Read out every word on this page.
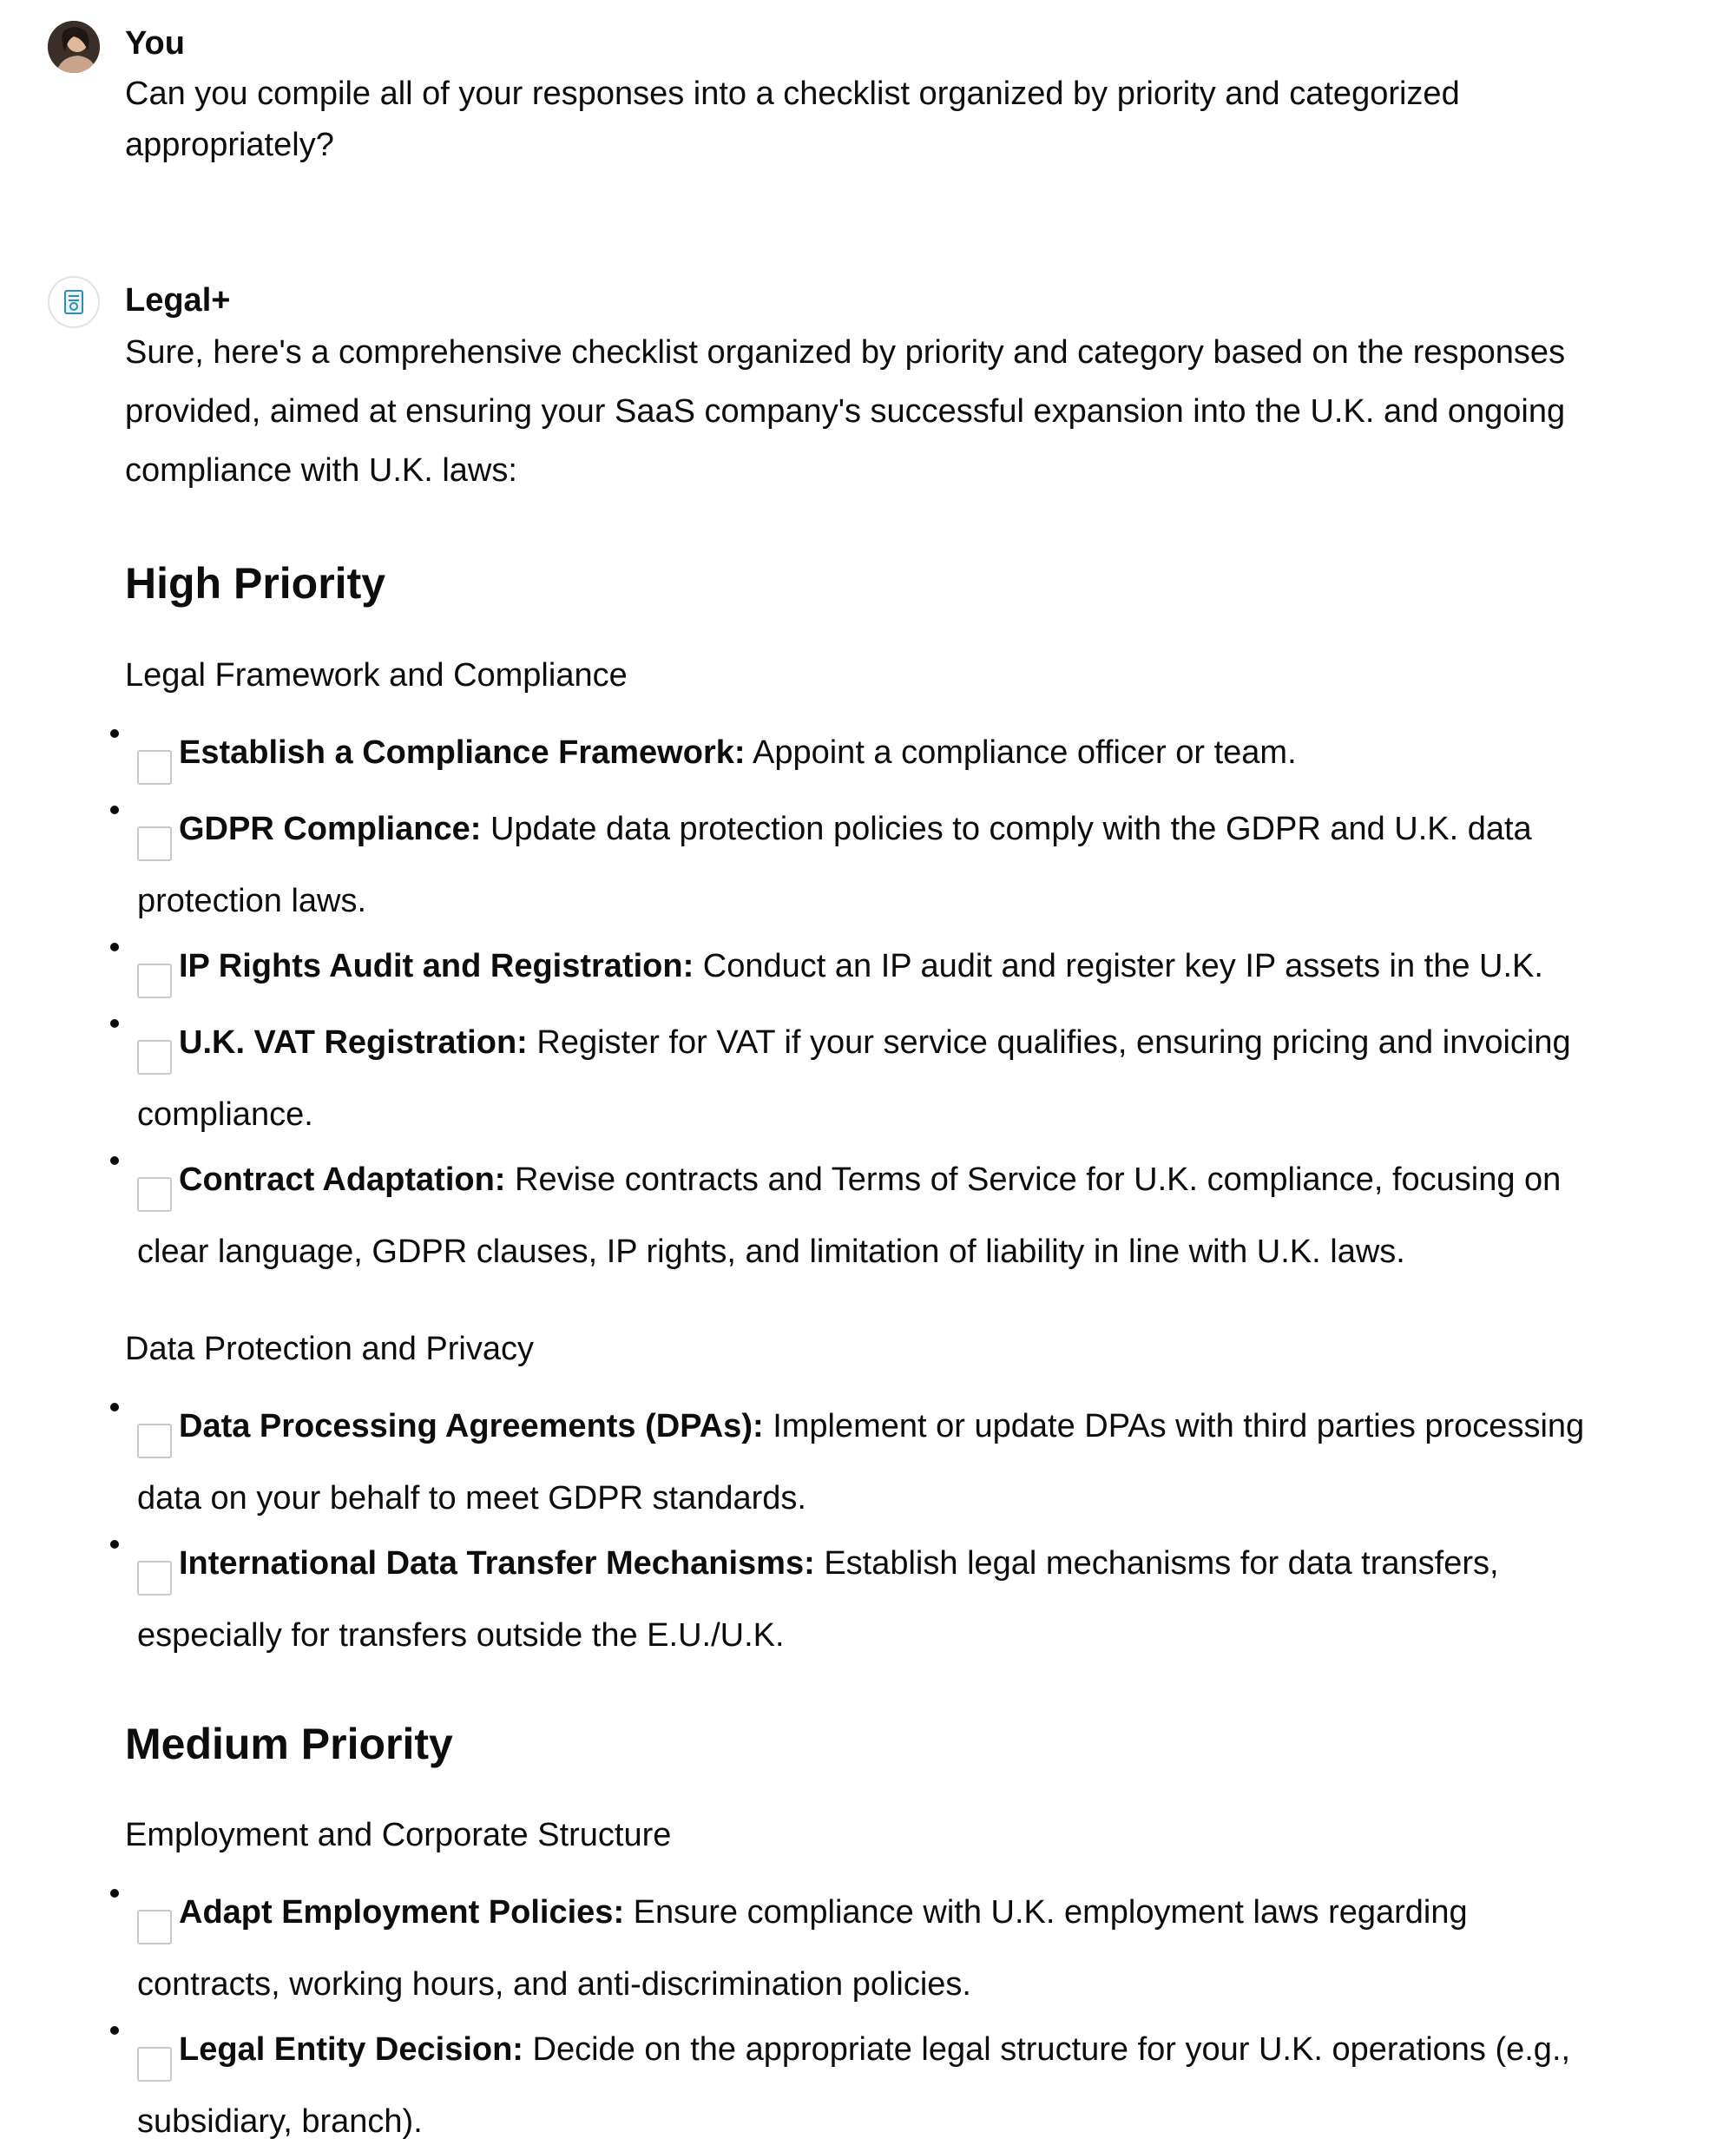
You
Can you compile all of your responses into a checklist organized by priority and categorized appropriately?
Legal+
Sure, here's a comprehensive checklist organized by priority and category based on the responses provided, aimed at ensuring your SaaS company's successful expansion into the U.K. and ongoing compliance with U.K. laws:
High Priority
Legal Framework and Compliance
Establish a Compliance Framework: Appoint a compliance officer or team.
GDPR Compliance: Update data protection policies to comply with the GDPR and U.K. data protection laws.
IP Rights Audit and Registration: Conduct an IP audit and register key IP assets in the U.K.
U.K. VAT Registration: Register for VAT if your service qualifies, ensuring pricing and invoicing compliance.
Contract Adaptation: Revise contracts and Terms of Service for U.K. compliance, focusing on clear language, GDPR clauses, IP rights, and limitation of liability in line with U.K. laws.
Data Protection and Privacy
Data Processing Agreements (DPAs): Implement or update DPAs with third parties processing data on your behalf to meet GDPR standards.
International Data Transfer Mechanisms: Establish legal mechanisms for data transfers, especially for transfers outside the E.U./U.K.
Medium Priority
Employment and Corporate Structure
Adapt Employment Policies: Ensure compliance with U.K. employment laws regarding contracts, working hours, and anti-discrimination policies.
Legal Entity Decision: Decide on the appropriate legal structure for your U.K. operations (e.g., subsidiary, branch).
